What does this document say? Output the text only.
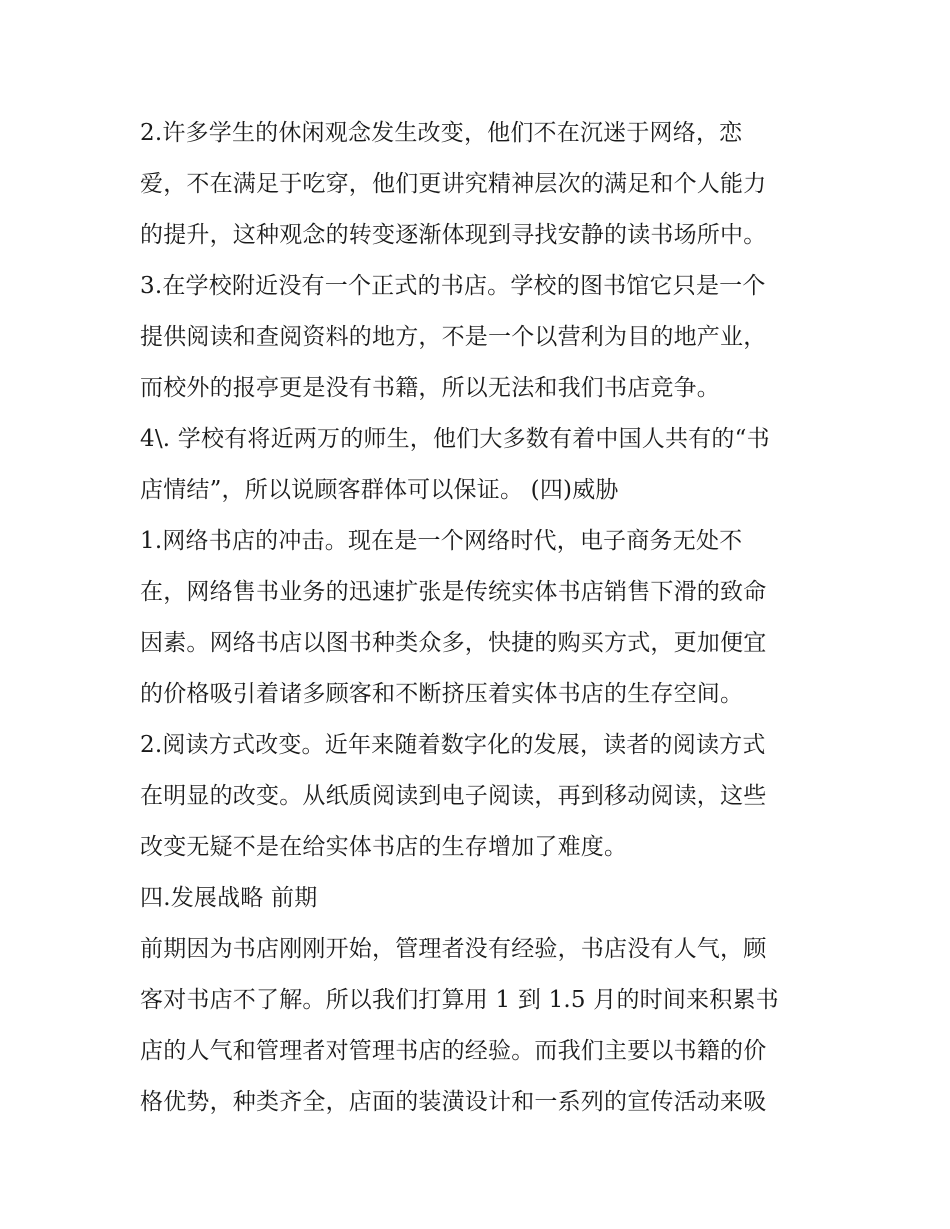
2.许多学生的休闲观念发生改变，他们不在沉迷于网络，恋
爱，不在满足于吃穿，他们更讲究精神层次的满足和个人能力
的提升，这种观念的转变逐渐体现到寻找安静的读书场所中。
3.在学校附近没有一个正式的书店。学校的图书馆它只是一个
提供阅读和查阅资料的地方，不是一个以营利为目的地产业，
而校外的报亭更是没有书籍，所以无法和我们书店竞争。
4\. 学校有将近两万的师生，他们大多数有着中国人共有的“书
店情结”，所以说顾客群体可以保证。 (四)威胁
1.网络书店的冲击。现在是一个网络时代，电子商务无处不
在，网络售书业务的迅速扩张是传统实体书店销售下滑的致命
因素。网络书店以图书种类众多，快捷的购买方式，更加便宜
的价格吸引着诸多顾客和不断挤压着实体书店的生存空间。
2.阅读方式改变。近年来随着数字化的发展，读者的阅读方式
在明显的改变。从纸质阅读到电子阅读，再到移动阅读，这些
改变无疑不是在给实体书店的生存增加了难度。
四.发展战略 前期
前期因为书店刚刚开始，管理者没有经验，书店没有人气，顾
客对书店不了解。所以我们打算用 1 到 1.5 月的时间来积累书
店的人气和管理者对管理书店的经验。而我们主要以书籍的价
格优势，种类齐全，店面的装潢设计和一系列的宣传活动来吸
